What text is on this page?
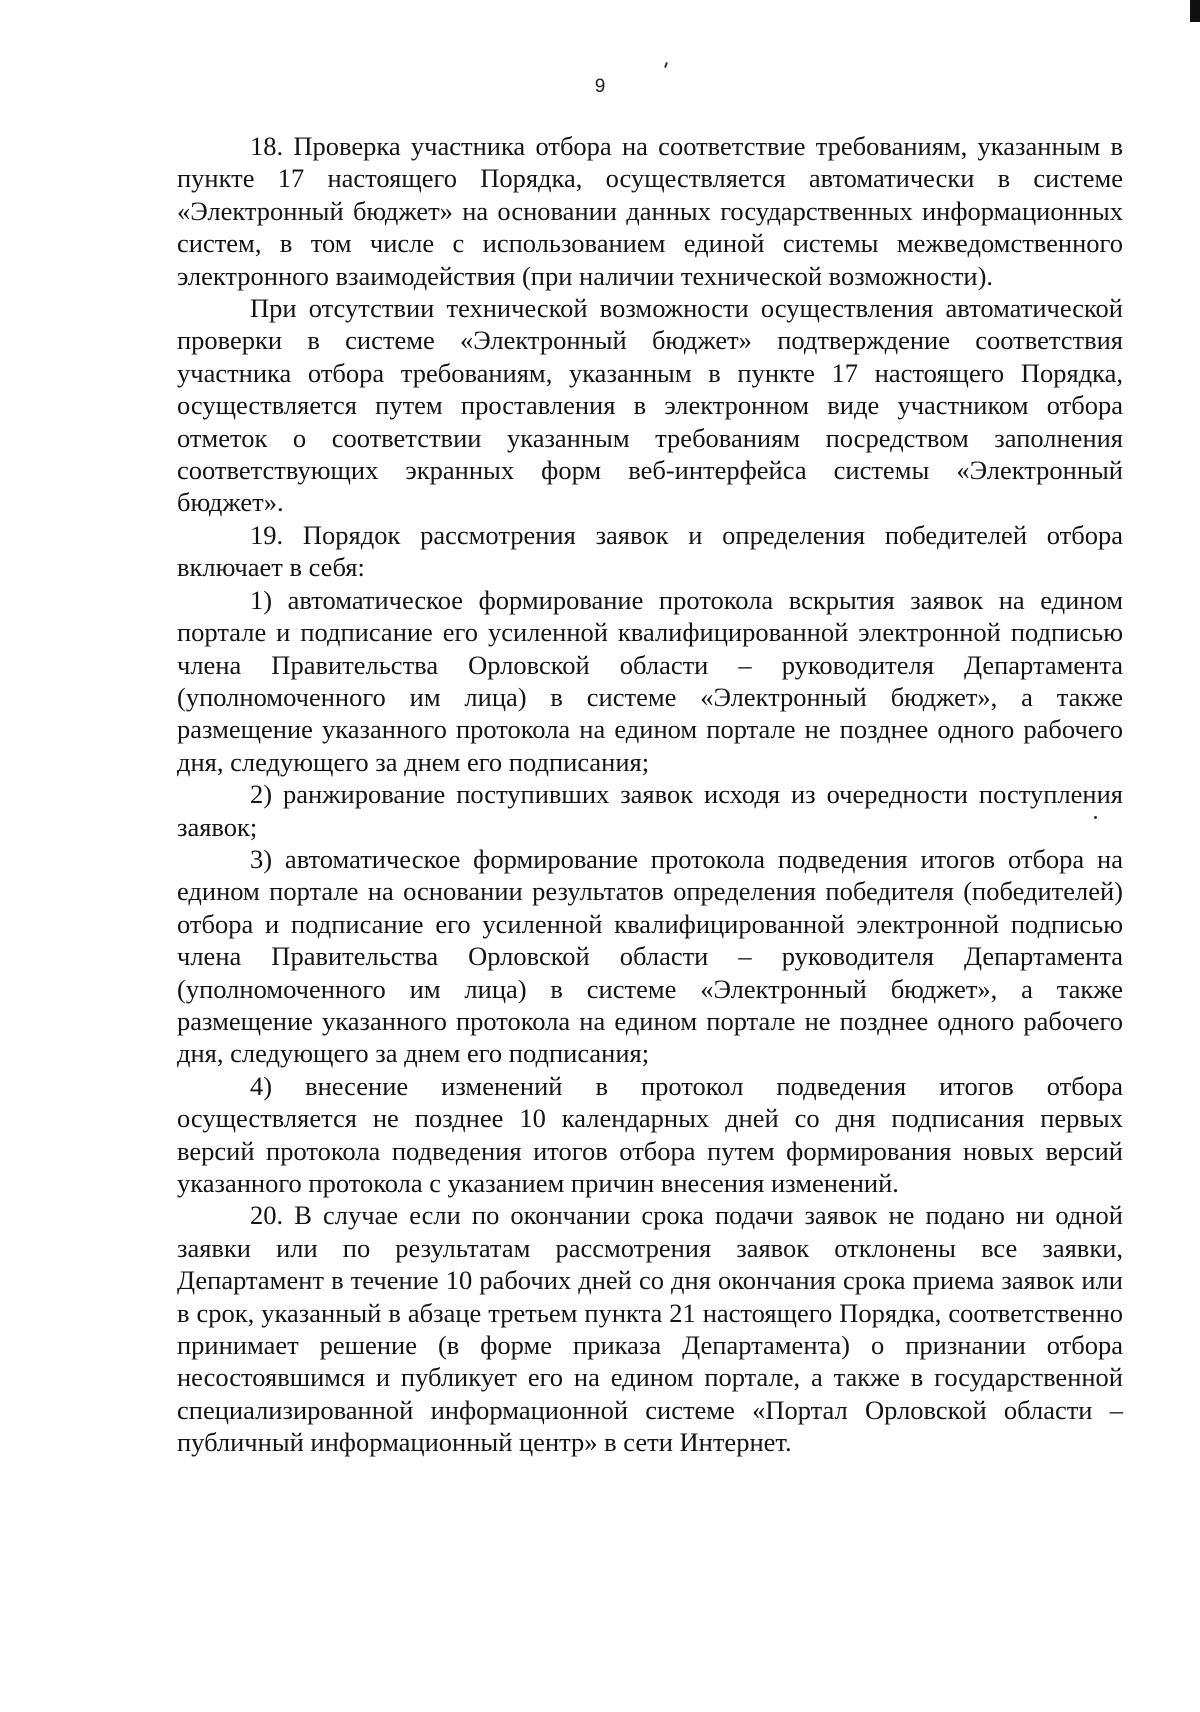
9

18. Проверка участника отбора на соответствие требованиям, указанным в пункте 17 настоящего Порядка, осуществляется автоматически в системе «Электронный бюджет» на основании данных государственных информационных систем, в том числе с использованием единой системы межведомственного электронного взаимодействия (при наличии технической возможности).

При отсутствии технической возможности осуществления автоматической проверки в системе «Электронный бюджет» подтверждение соответствия участника отбора требованиям, указанным в пункте 17 настоящего Порядка, осуществляется путем проставления в электронном виде участником отбора отметок о соответствии указанным требованиям посредством заполнения соответствующих экранных форм веб-интерфейса системы «Электронный бюджет».

19. Порядок рассмотрения заявок и определения победителей отбора включает в себя:

1) автоматическое формирование протокола вскрытия заявок на едином портале и подписание его усиленной квалифицированной электронной подписью члена Правительства Орловской области – руководителя Департамента (уполномоченного им лица) в системе «Электронный бюджет», а также размещение указанного протокола на едином портале не позднее одного рабочего дня, следующего за днем его подписания;

2) ранжирование поступивших заявок исходя из очередности поступления заявок;

3) автоматическое формирование протокола подведения итогов отбора на едином портале на основании результатов определения победителя (победителей) отбора и подписание его усиленной квалифицированной электронной подписью члена Правительства Орловской области – руководителя Департамента (уполномоченного им лица) в системе «Электронный бюджет», а также размещение указанного протокола на едином портале не позднее одного рабочего дня, следующего за днем его подписания;

4) внесение изменений в протокол подведения итогов отбора осуществляется не позднее 10 календарных дней со дня подписания первых версий протокола подведения итогов отбора путем формирования новых версий указанного протокола с указанием причин внесения изменений.

20. В случае если по окончании срока подачи заявок не подано ни одной заявки или по результатам рассмотрения заявок отклонены все заявки, Департамент в течение 10 рабочих дней со дня окончания срока приема заявок или в срок, указанный в абзаце третьем пункта 21 настоящего Порядка, соответственно принимает решение (в форме приказа Департамента) о признании отбора несостоявшимся и публикует его на едином портале, а также в государственной специализированной информационной системе «Портал Орловской области – публичный информационный центр» в сети Интернет.
